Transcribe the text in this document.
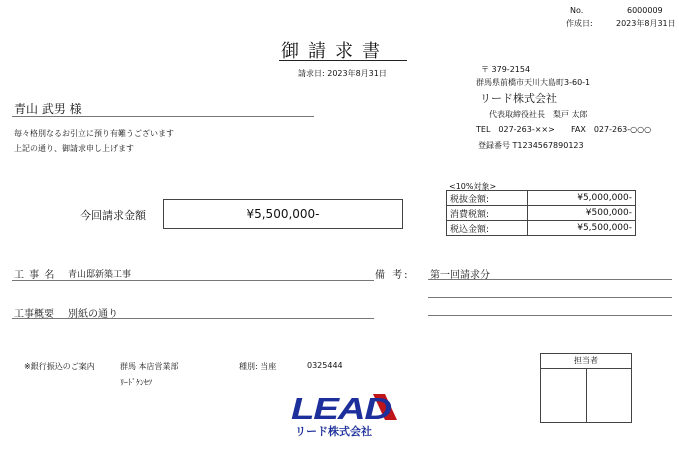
No.	6000009
作成日:	2023年8月31日
御請求書
請求日: 2023年8月31日
青山 武男 様
毎々格別なるお引立に預り有難うございます
上記の通り、御請求申し上げます
〒 379-2154
群馬県前橋市天川大島町3-60-1
リード株式会社
代表取締役社長　梨戸 太郎
TEL　027-263-××> FAX　027-263-○○○
登録番号 T1234567890123
今回請求金額	¥5,500,000-
<10%対象>
税抜金額:	¥5,000,000-
消費税額:	¥500,000-
税込金額:	¥5,500,000-
工 事 名 青山邸新築工事
工事概要 別紙の通り
備 考: 第一回請求分
※銀行振込のご案内	群馬 本店営業部	種別: 当座	0325444
ﾘｰﾄﾞｹﾝｾﾂ
担当者
LEAD
リード株式会社
